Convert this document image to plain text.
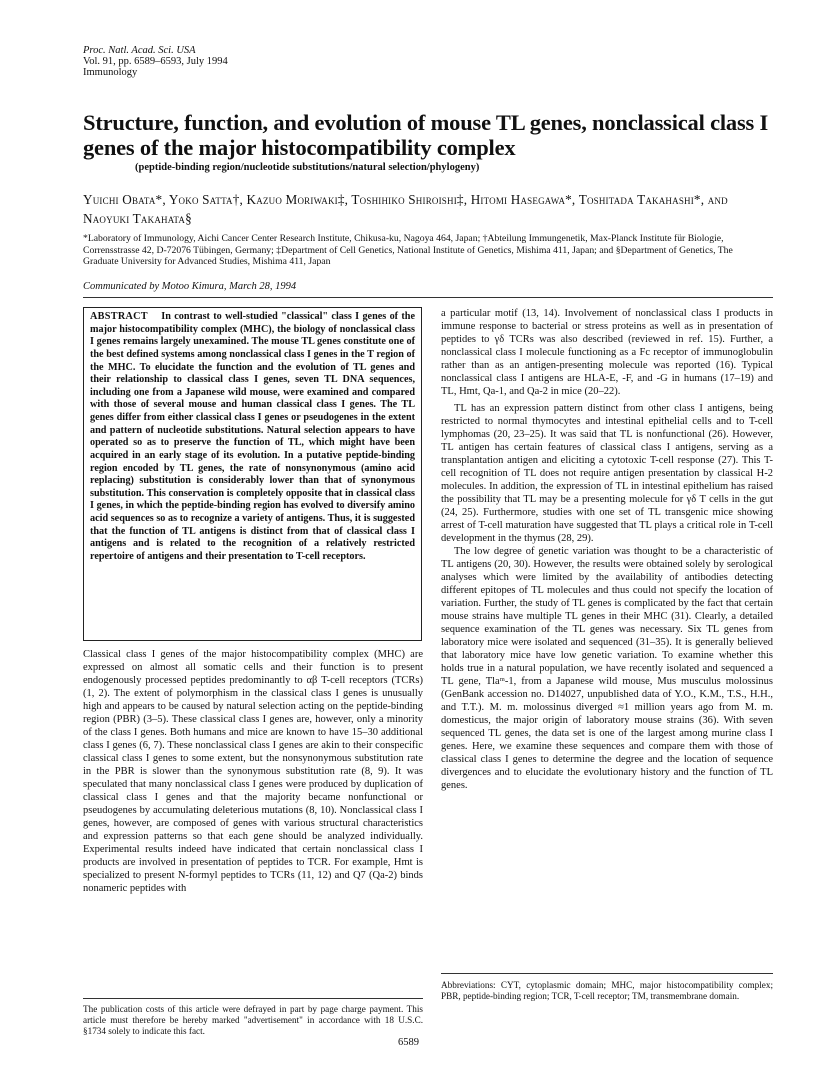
Proc. Natl. Acad. Sci. USA
Vol. 91, pp. 6589–6593, July 1994
Immunology
Structure, function, and evolution of mouse TL genes, nonclassical class I genes of the major histocompatibility complex
(peptide-binding region/nucleotide substitutions/natural selection/phylogeny)
Yuichi Obata*, Yoko Satta†, Kazuo Moriwaki‡, Toshihiko Shiroishi‡, Hitomi Hasegawa*, Toshitada Takahashi*, and Naoyuki Takahata§
*Laboratory of Immunology, Aichi Cancer Center Research Institute, Chikusa-ku, Nagoya 464, Japan; †Abteilung Immungenetik, Max-Planck Institute für Biologie, Corrensstrasse 42, D-72076 Tübingen, Germany; ‡Department of Cell Genetics, National Institute of Genetics, Mishima 411, Japan; and §Department of Genetics, The Graduate University for Advanced Studies, Mishima 411, Japan
Communicated by Motoo Kimura, March 28, 1994
ABSTRACT In contrast to well-studied "classical" class I genes of the major histocompatibility complex (MHC), the biology of nonclassical class I genes remains largely unexamined. The mouse TL genes constitute one of the best defined systems among nonclassical class I genes in the T region of the MHC. To elucidate the function and the evolution of TL genes and their relationship to classical class I genes, seven TL DNA sequences, including one from a Japanese wild mouse, were examined and compared with those of several mouse and human classical class I genes. The TL genes differ from either classical class I genes or pseudogenes in the extent and pattern of nucleotide substitutions. Natural selection appears to have operated so as to preserve the function of TL, which might have been acquired in an early stage of its evolution. In a putative peptide-binding region encoded by TL genes, the rate of nonsynonymous (amino acid replacing) substitution is considerably lower than that of synonymous substitution. This conservation is completely opposite that in classical class I genes, in which the peptide-binding region has evolved to diversify amino acid sequences so as to recognize a variety of antigens. Thus, it is suggested that the function of TL antigens is distinct from that of classical class I antigens and is related to the recognition of a relatively restricted repertoire of antigens and their presentation to T-cell receptors.

Classical class I genes of the major histocompatibility complex (MHC) are expressed on almost all somatic cells and their function is to present endogenously processed peptides predominantly to αβ T-cell receptors (TCRs) (1, 2). The extent of polymorphism in the classical class I genes is unusually high and appears to be caused by natural selection acting on the peptide-binding region (PBR) (3–5). These classical class I genes are, however, only a minority of the class I genes. Both humans and mice are known to have 15–30 additional class I genes (6, 7). These nonclassical class I genes are akin to their conspecific classical class I genes to some extent, but the nonsynonymous substitution rate in the PBR is slower than the synonymous substitution rate (8, 9). It was speculated that many nonclassical class I genes were produced by duplication of classical class I genes and that the majority became nonfunctional or pseudogenes by accumulating deleterious mutations (8, 10). Nonclassical class I genes, however, are composed of genes with various structural characteristics and expression patterns so that each gene should be analyzed individually. Experimental results indeed have indicated that certain nonclassical class I products are involved in presentation of peptides to TCR. For example, Hmt is specialized to present N-formyl peptides to TCRs (11, 12) and Q7 (Qa-2) binds nonameric peptides with

a particular motif (13, 14). Involvement of nonclassical class I products in immune response to bacterial or stress proteins as well as in presentation of peptides to γδ TCRs was also described (reviewed in ref. 15). Further, a nonclassical class I molecule functioning as a Fc receptor of immunoglobulin rather than as an antigen-presenting molecule was reported (16). Typical nonclassical class I antigens are HLA-E, -F, and -G in humans (17–19) and TL, Hmt, Qa-1, and Qa-2 in mice (20–22).

TL has an expression pattern distinct from other class I antigens, being restricted to normal thymocytes and intestinal epithelial cells and to T-cell lymphomas (20, 23–25). It was said that TL is nonfunctional (26). However, TL antigen has certain features of classical class I antigens, serving as a transplantation antigen and eliciting a cytotoxic T-cell response (27). This T-cell recognition of TL does not require antigen presentation by classical H-2 molecules. In addition, the expression of TL in intestinal epithelium has raised the possibility that TL may be a presenting molecule for γδ T cells in the gut (24, 25). Furthermore, studies with one set of TL transgenic mice showing arrest of T-cell maturation have suggested that TL plays a critical role in T-cell development in the thymus (28, 29).

The low degree of genetic variation was thought to be a characteristic of TL antigens (20, 30). However, the results were obtained solely by serological analyses which were limited by the availability of antibodies detecting different epitopes of TL molecules and thus could not specify the location of variation. Further, the study of TL genes is complicated by the fact that certain mouse strains have multiple TL genes in their MHC (31). Clearly, a detailed sequence examination of the TL genes was necessary. Six TL genes from laboratory mice were isolated and sequenced (31–35). It is generally believed that laboratory mice have low genetic variation. To examine whether this holds true in a natural population, we have recently isolated and sequenced a TL gene, Tlaᵐ-1, from a Japanese wild mouse, Mus musculus molossinus (GenBank accession no. D14027, unpublished data of Y.O., K.M., T.S., H.H., and T.T.). M. m. molossinus diverged ≈1 million years ago from M. m. domesticus, the major origin of laboratory mouse strains (36). With seven sequenced TL genes, the data set is one of the largest among murine class I genes. Here, we examine these sequences and compare them with those of classical class I genes to determine the degree and the location of sequence divergences and to elucidate the evolutionary history and the function of TL genes.

The publication costs of this article were defrayed in part by page charge payment. This article must therefore be hereby marked "advertisement" in accordance with 18 U.S.C. §1734 solely to indicate this fact.
Abbreviations: CYT, cytoplasmic domain; MHC, major histocompatibility complex; PBR, peptide-binding region; TCR, T-cell receptor; TM, transmembrane domain.
6589
